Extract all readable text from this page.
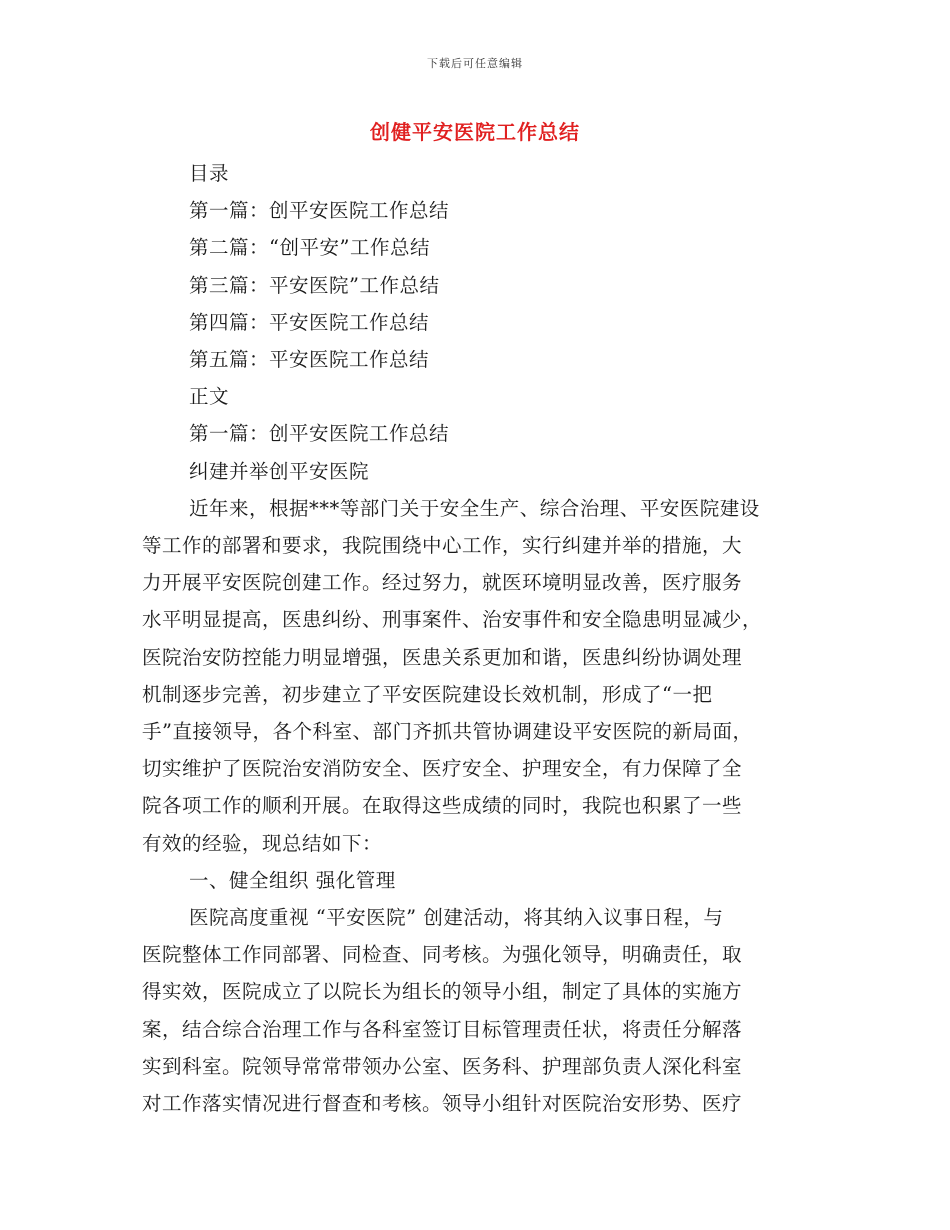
下载后可任意编辑
创健平安医院工作总结
目录
第一篇：创平安医院工作总结
第二篇：“创平安”工作总结
第三篇：平安医院”工作总结
第四篇：平安医院工作总结
第五篇：平安医院工作总结
正文
第一篇：创平安医院工作总结
纠建并举创平安医院
近年来，根据***等部门关于安全生产、综合治理、平安医院建设
等工作的部署和要求，我院围绕中心工作，实行纠建并举的措施，大
力开展平安医院创建工作。经过努力，就医环境明显改善，医疗服务
水平明显提高，医患纠纷、刑事案件、治安事件和安全隐患明显减少，
医院治安防控能力明显增强，医患关系更加和谐，医患纠纷协调处理
机制逐步完善，初步建立了平安医院建设长效机制，形成了“一把
手”直接领导，各个科室、部门齐抓共管协调建设平安医院的新局面，
切实维护了医院治安消防安全、医疗安全、护理安全，有力保障了全
院各项工作的顺利开展。在取得这些成绩的同时，我院也积累了一些
有效的经验，现总结如下：
一、健全组织 强化管理
医院高度重视 “平安医院” 创建活动，将其纳入议事日程，与
医院整体工作同部署、同检查、同考核。为强化领导，明确责任，取
得实效，医院成立了以院长为组长的领导小组，制定了具体的实施方
案，结合综合治理工作与各科室签订目标管理责任状，将责任分解落
实到科室。院领导常常带领办公室、医务科、护理部负责人深化科室
对工作落实情况进行督查和考核。领导小组针对医院治安形势、医疗
